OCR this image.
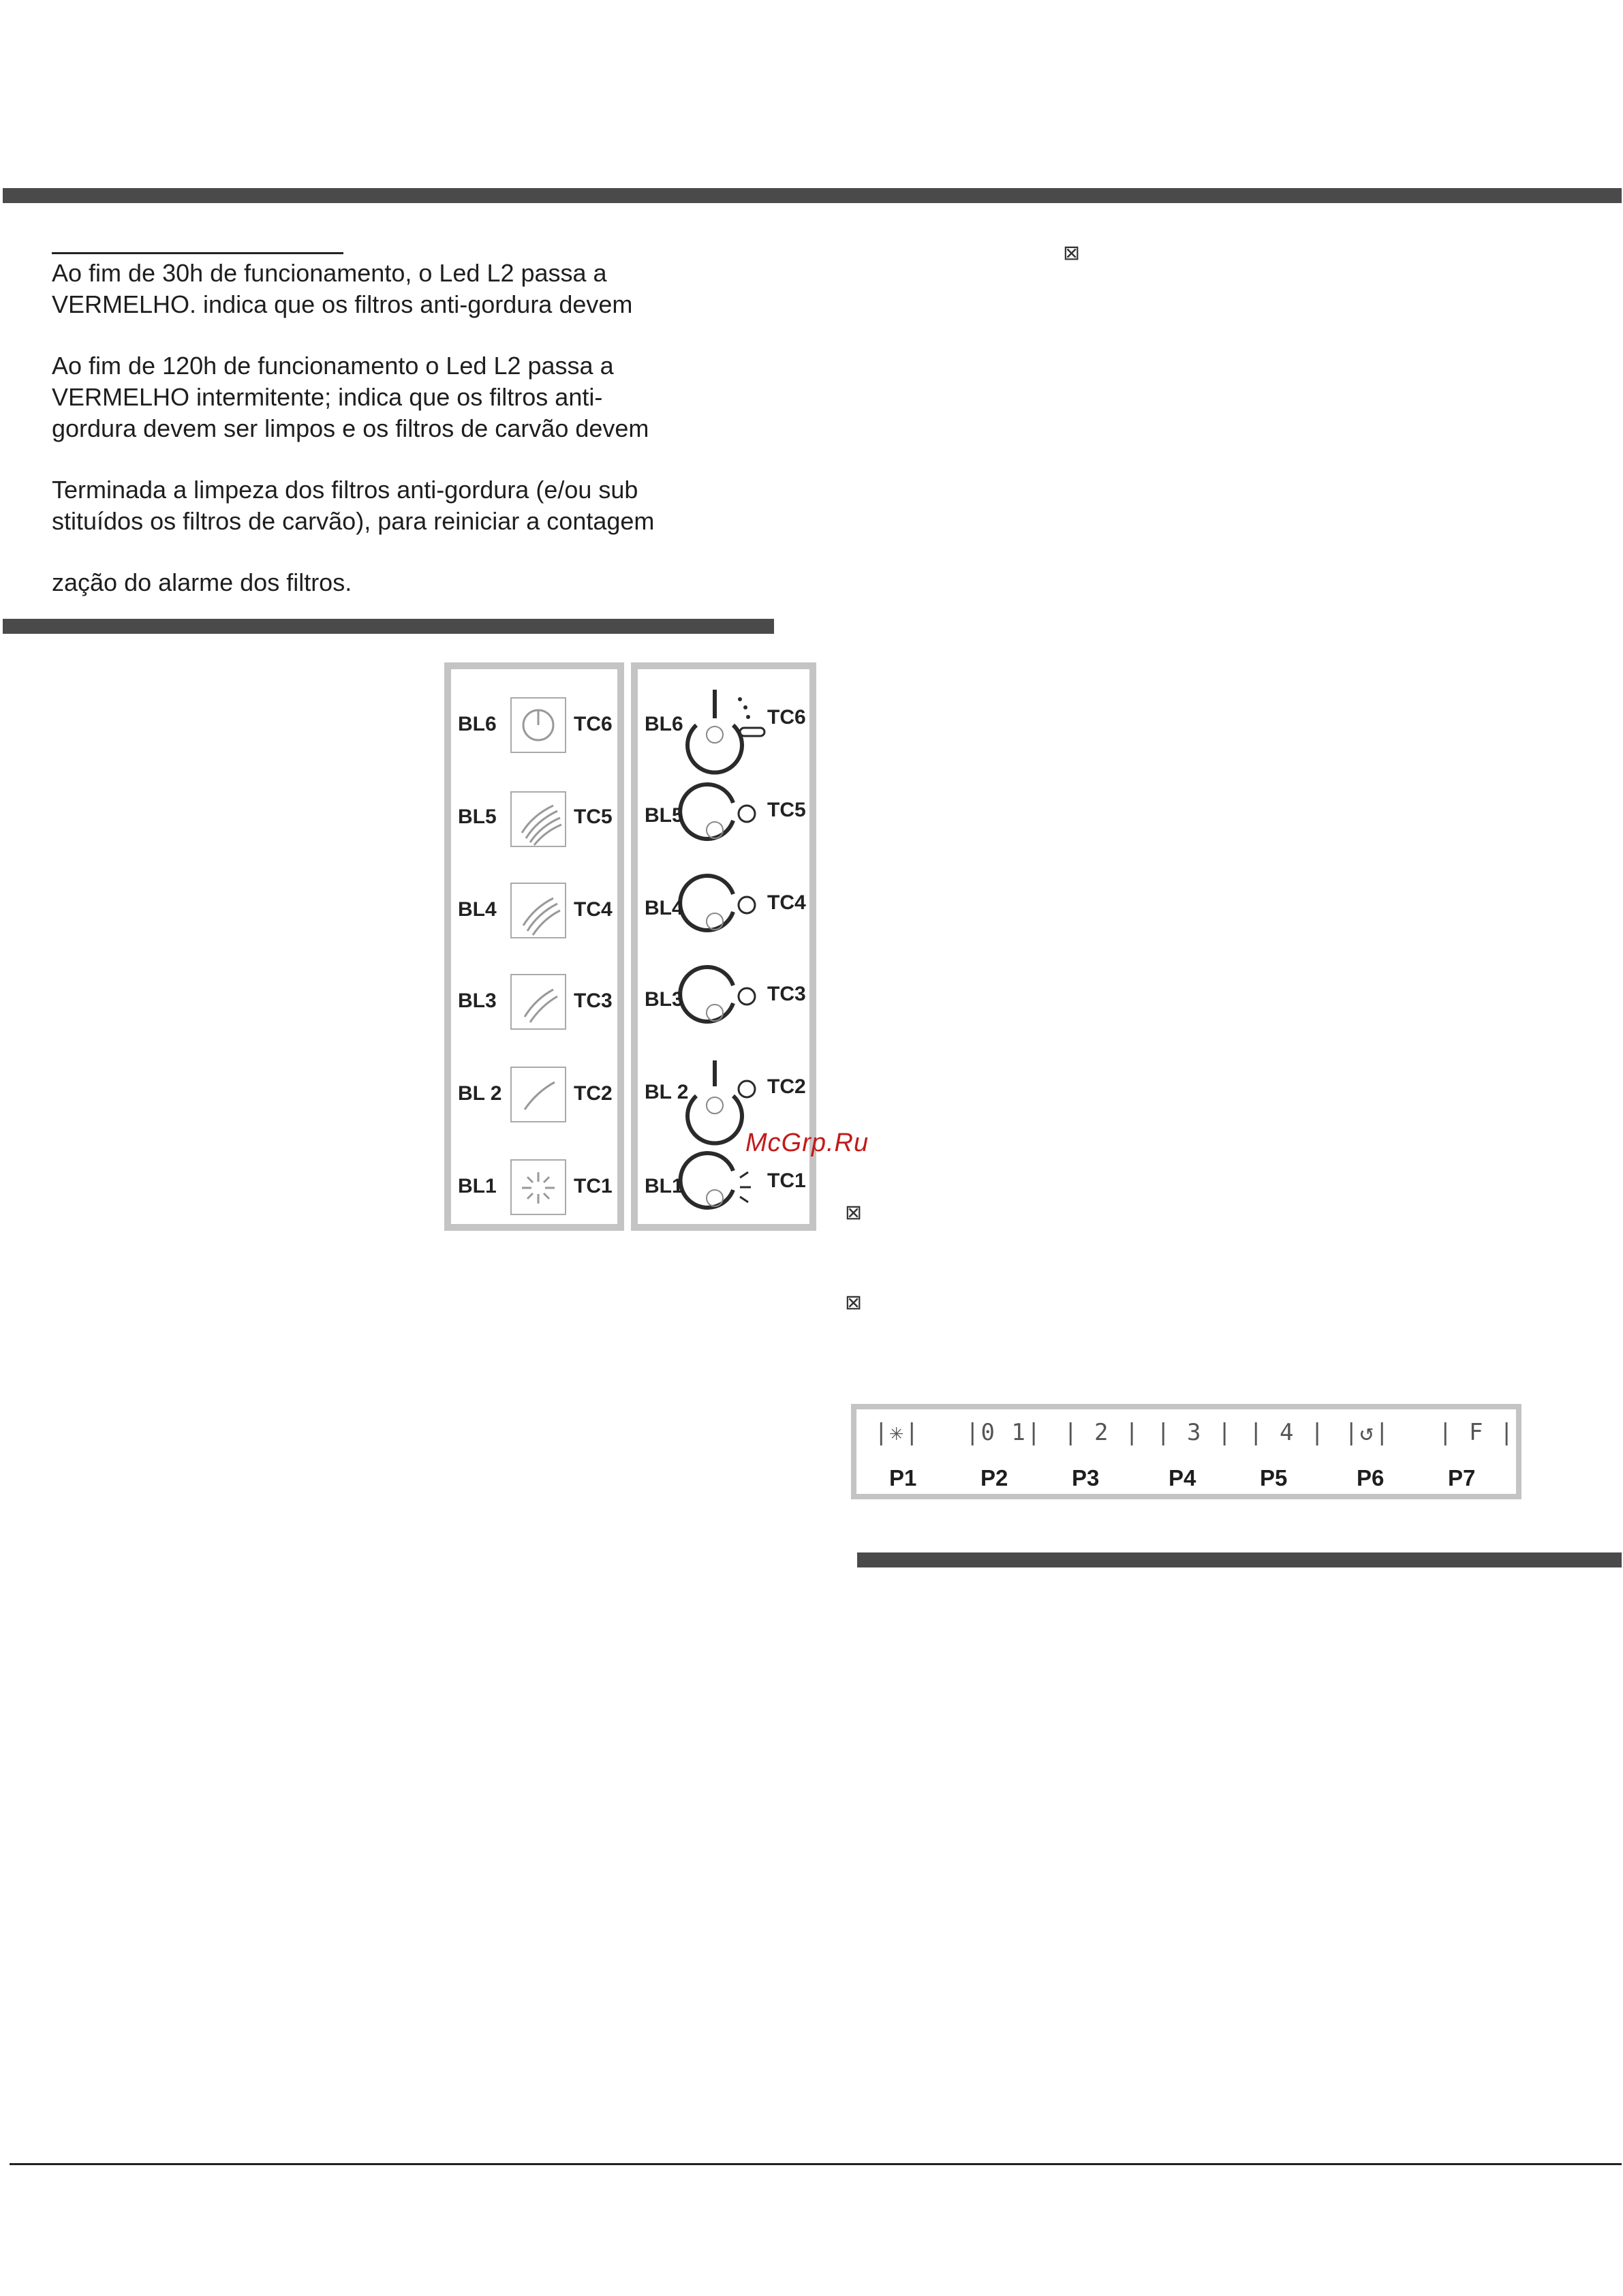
Ao fim de 30h de funcionamento, o Led L2 passa a
VERMELHO. indica que os filtros anti-gordura devem

Ao fim de 120h de funcionamento o Led L2 passa a
VERMELHO intermitente; indica que os filtros anti-
gordura devem ser limpos e os filtros de carvão devem

Terminada a limpeza dos filtros anti-gordura (e/ou sub
stituídos os filtros de carvão), para reiniciar a contagem

zação do alarme dos filtros.

⊠
BL6	TC6
BL5	TC5
BL4	TC4
BL3	TC3
BL 2	TC2
BL1	TC1
BL6	TC6
BL5	TC5
BL4	TC4
BL3	TC3
BL 2	TC2
BL1	TC1
McGrp.Ru
⊠
⊠
|✳| |0 1| | 2 | | 3 | | 4 | |↺| | F |
P1	P2	P3	P4	P5	P6	P7
